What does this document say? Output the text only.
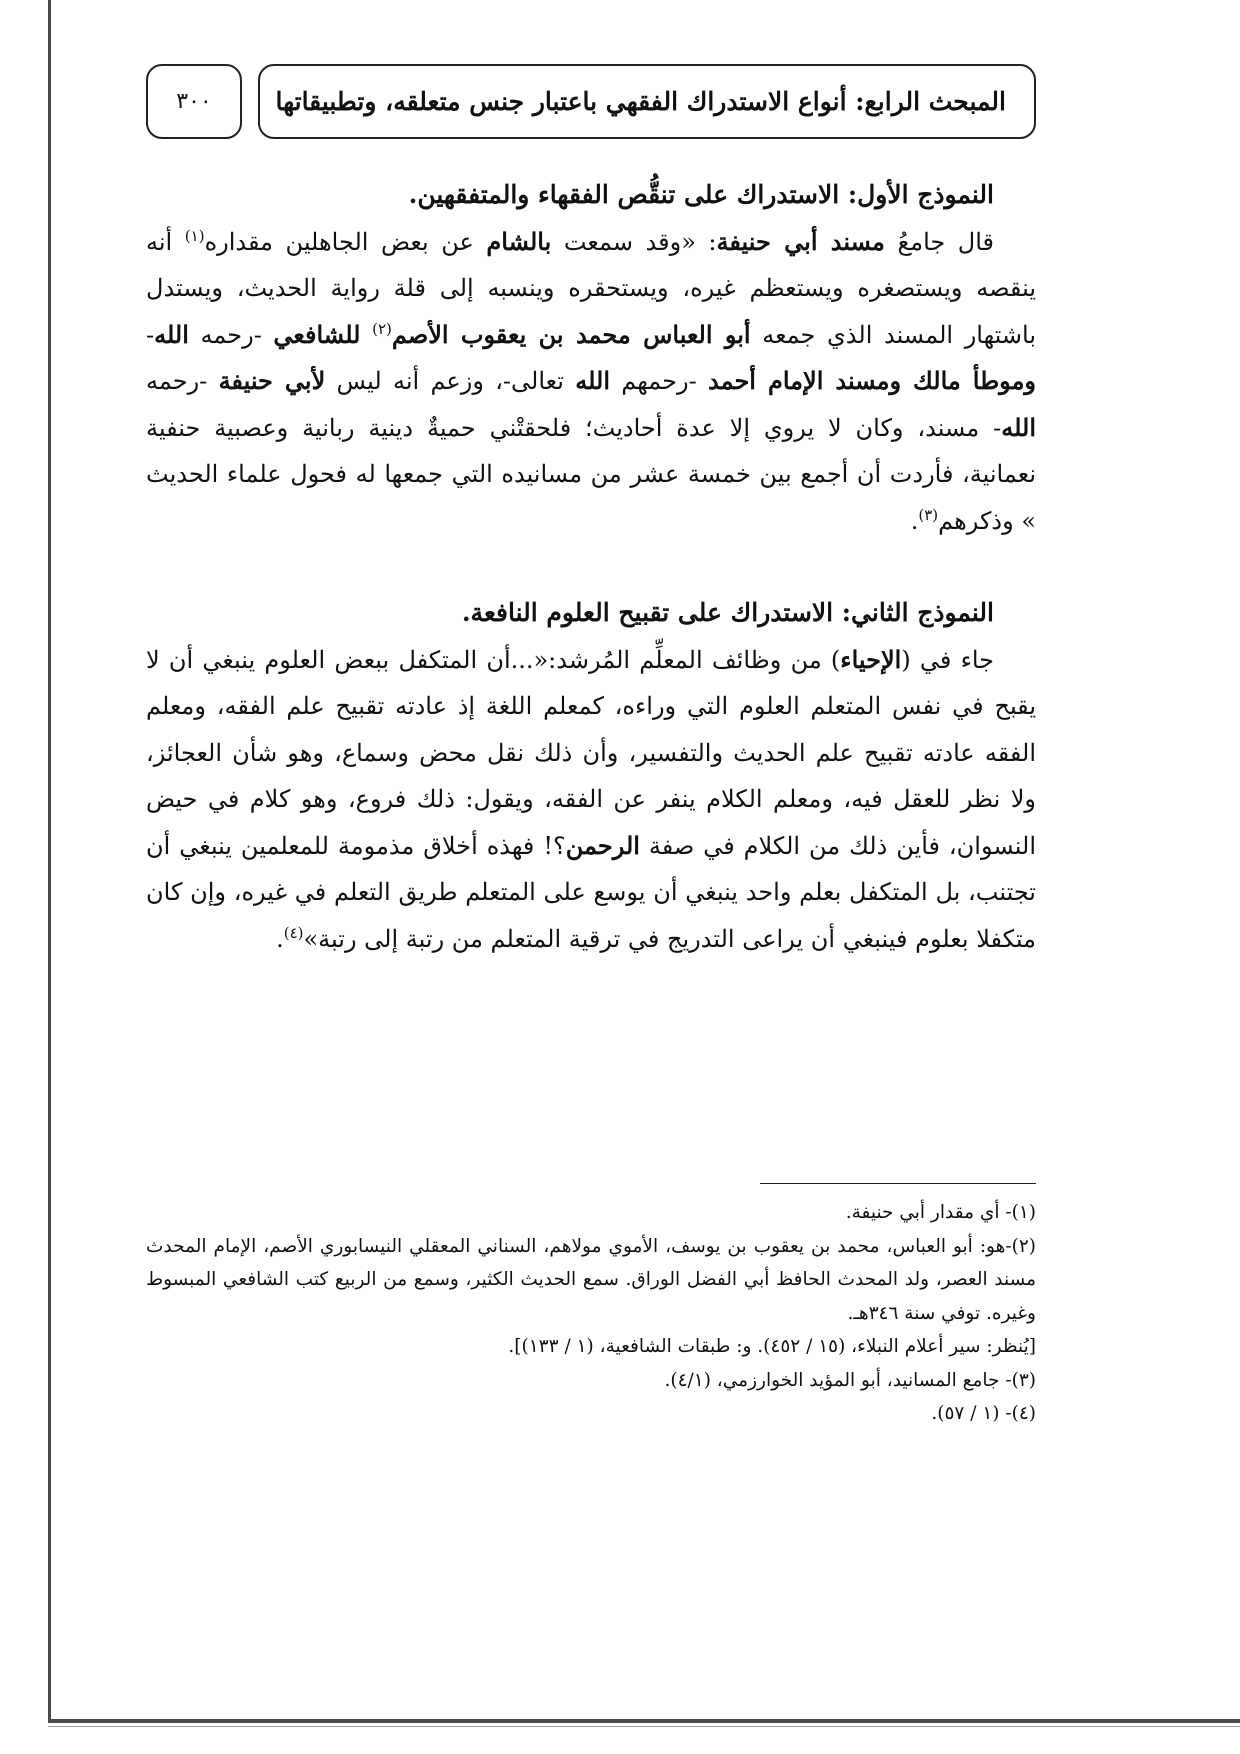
٣٠٠	المبحث الرابع: أنواع الاستدراك الفقهي باعتبار جنس متعلقه، وتطبيقاتها

النموذج الأول: الاستدراك على تنقُّص الفقهاء والمتفقهين.

قال جامعُ مسند أبي حنيفة: «وقد سمعت بالشام عن بعض الجاهلين مقداره$^{(١)}$ أنه ينقصه ويستصغره ويستعظم غيره، ويستحقره وينسبه إلى قلة رواية الحديث، ويستدل باشتهار المسند الذي جمعه أبو العباس محمد بن يعقوب الأصم$^{(٢)}$ للشافعي -رحمه الله- وموطأ مالك ومسند الإمام أحمد -رحمهم الله تعالى-، وزعم أنه ليس لأبي حنيفة -رحمه الله- مسند، وكان لا يروي إلا عدة أحاديث؛ فلحقتْني حميةٌ دينية ربانية وعصبية حنفية نعمانية، فأردت أن أجمع بين خمسة عشر من مسانيده التي جمعها له فحول علماء الحديث » وذكرهم$^{(٣)}$.

النموذج الثاني: الاستدراك على تقبيح العلوم النافعة.

جاء في (الإحياء) من وظائف المعلِّم المُرشد:«...أن المتكفل ببعض العلوم ينبغي أن لا يقبح في نفس المتعلم العلوم التي وراءه، كمعلم اللغة إذ عادته تقبيح علم الفقه، ومعلم الفقه عادته تقبيح علم الحديث والتفسير، وأن ذلك نقل محض وسماع، وهو شأن العجائز، ولا نظر للعقل فيه، ومعلم الكلام ينفر عن الفقه، ويقول: ذلك فروع، وهو كلام في حيض النسوان، فأين ذلك من الكلام في صفة الرحمن؟! فهذه أخلاق مذمومة للمعلمين ينبغي أن تجتنب، بل المتكفل بعلم واحد ينبغي أن يوسع على المتعلم طريق التعلم في غيره، وإن كان متكفلا بعلوم فينبغي أن يراعى التدريج في ترقية المتعلم من رتبة إلى رتبة»$^{(٤)}$.

(١)- أي مقدار أبي حنيفة.

(٢)-هو: أبو العباس، محمد بن يعقوب بن يوسف، الأموي مولاهم، السناني المعقلي النيسابوري الأصم، الإمام المحدث مسند العصر، ولد المحدث الحافظ أبي الفضل الوراق. سمع الحديث الكثير، وسمع من الربيع كتب الشافعي المبسوط وغيره. توفي سنة ٣٤٦هـ.

[يُنظر: سير أعلام النبلاء، (١٥ / ٤٥٢). و: طبقات الشافعية، (١ / ١٣٣)].

(٣)- جامع المسانيد، أبو المؤيد الخوارزمي، (٤/١).

(٤)- (١ / ٥٧).
